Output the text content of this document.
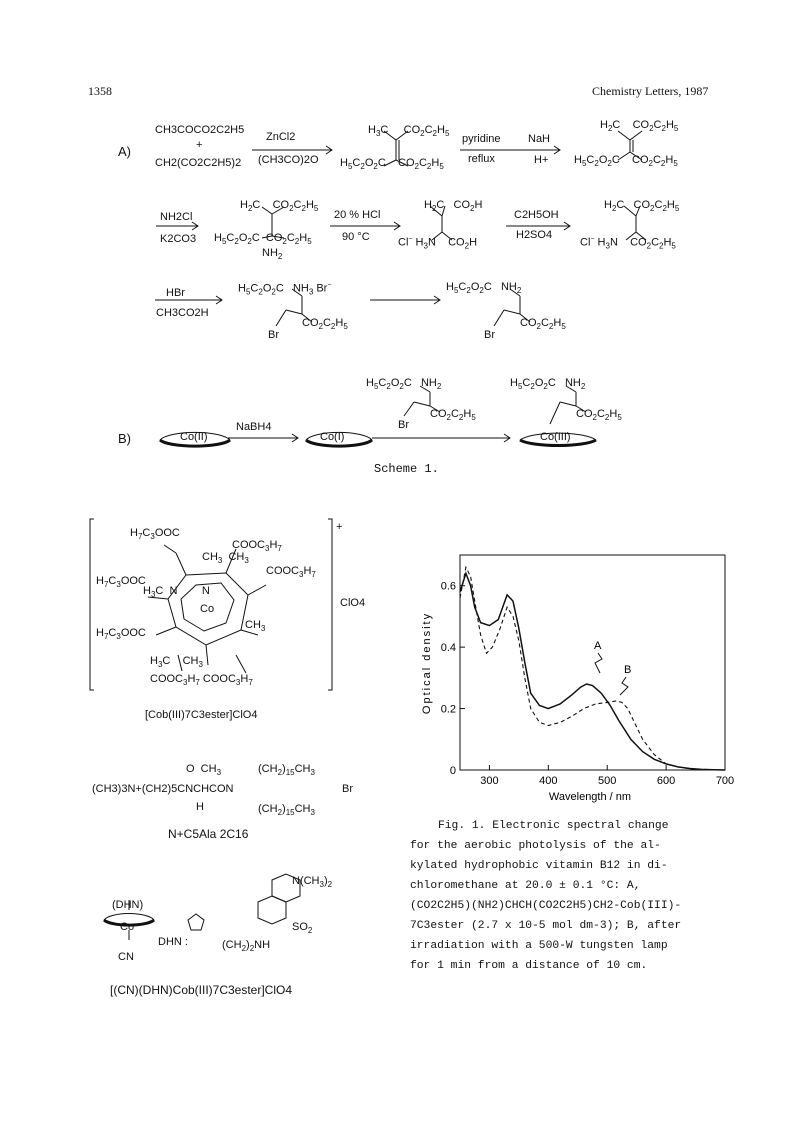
1358	Chemistry Letters, 1987
A)
CH3COCO2C2H5
+
CH2(CO2C2H5)2
ZnCl2
(CH3CO)2O
$H_3C$     $CO_2C_2H_5$
$H_5C_2O_2C$    $CO_2C_2H_5$
pyridine
reflux
NaH
H+
$H_2C$    $CO_2C_2H_5$
$H_5C_2O_2C$    $CO_2C_2H_5$
NH2Cl
K2CO3
$H_2C$    $CO_2C_2H_5$
$H_5C_2O_2C$  $CO_2C_2H_5$
$NH_2$
20 % HCl
90 °C
$H_2C$   $CO_2H$
Cl− $H_3N$    $CO_2H$
C2H5OH
H2SO4
$H_2C$   $CO_2C_2H_5$
Cl− $H_3N$    $CO_2C_2H_5$
HBr
CH3CO2H
$H_5C_2O_2C$   $NH_3$ Br−
$CO_2C_2H_5$
Br
$H_5C_2O_2C$   $NH_2$
$CO_2C_2H_5$
Br
B)	Co(II)
NaBH4
Co(I)
$H_5C_2O_2C$   $NH_2$
$CO_2C_2H_5$
Br
$H_5C_2O_2C$   $NH_2$
$CO_2C_2H_5$
Co(III)
Scheme 1.
$H_7C_3OOC$
$COOC_3H_7$
$COOC_3H_7$
$H_7C_3OOC$
$H_7C_3OOC$
$COOC_3H_7$ $COOC_3H_7$
Co
$H_3C$  N        N
$H_3C$    $CH_3$
$CH_3$  $CH_3$
$CH_3$
+
ClO4
[Cob(III)7C3ester]ClO4
O  $CH_3$	$(CH_2)_{15}CH_3$
(CH3)3N+(CH2)5CNCHCON	Br
H	$(CH_2)_{15}CH_3$
N+C5Ala 2C16
(DHN)
Co
CN
DHN :
$N(CH_3)_2$
$SO_2$
$(CH_2)_2NH$
[(CN)(DHN)Cob(III)7C3ester]ClO4
300	400	500	600	700
0
0.2
0.4
0.6
Wavelength / nm
Optical density	A
B
Fig. 1. Electronic spectral change
for the aerobic photolysis of the al-
kylated hydrophobic vitamin B12 in di-
chloromethane at 20.0 ± 0.1 °C: A,
(CO2C2H5)(NH2)CHCH(CO2C2H5)CH2-Cob(III)-
7C3ester (2.7 x 10-5 mol dm-3); B, after
irradiation with a 500-W tungsten lamp
for 1 min from a distance of 10 cm.
